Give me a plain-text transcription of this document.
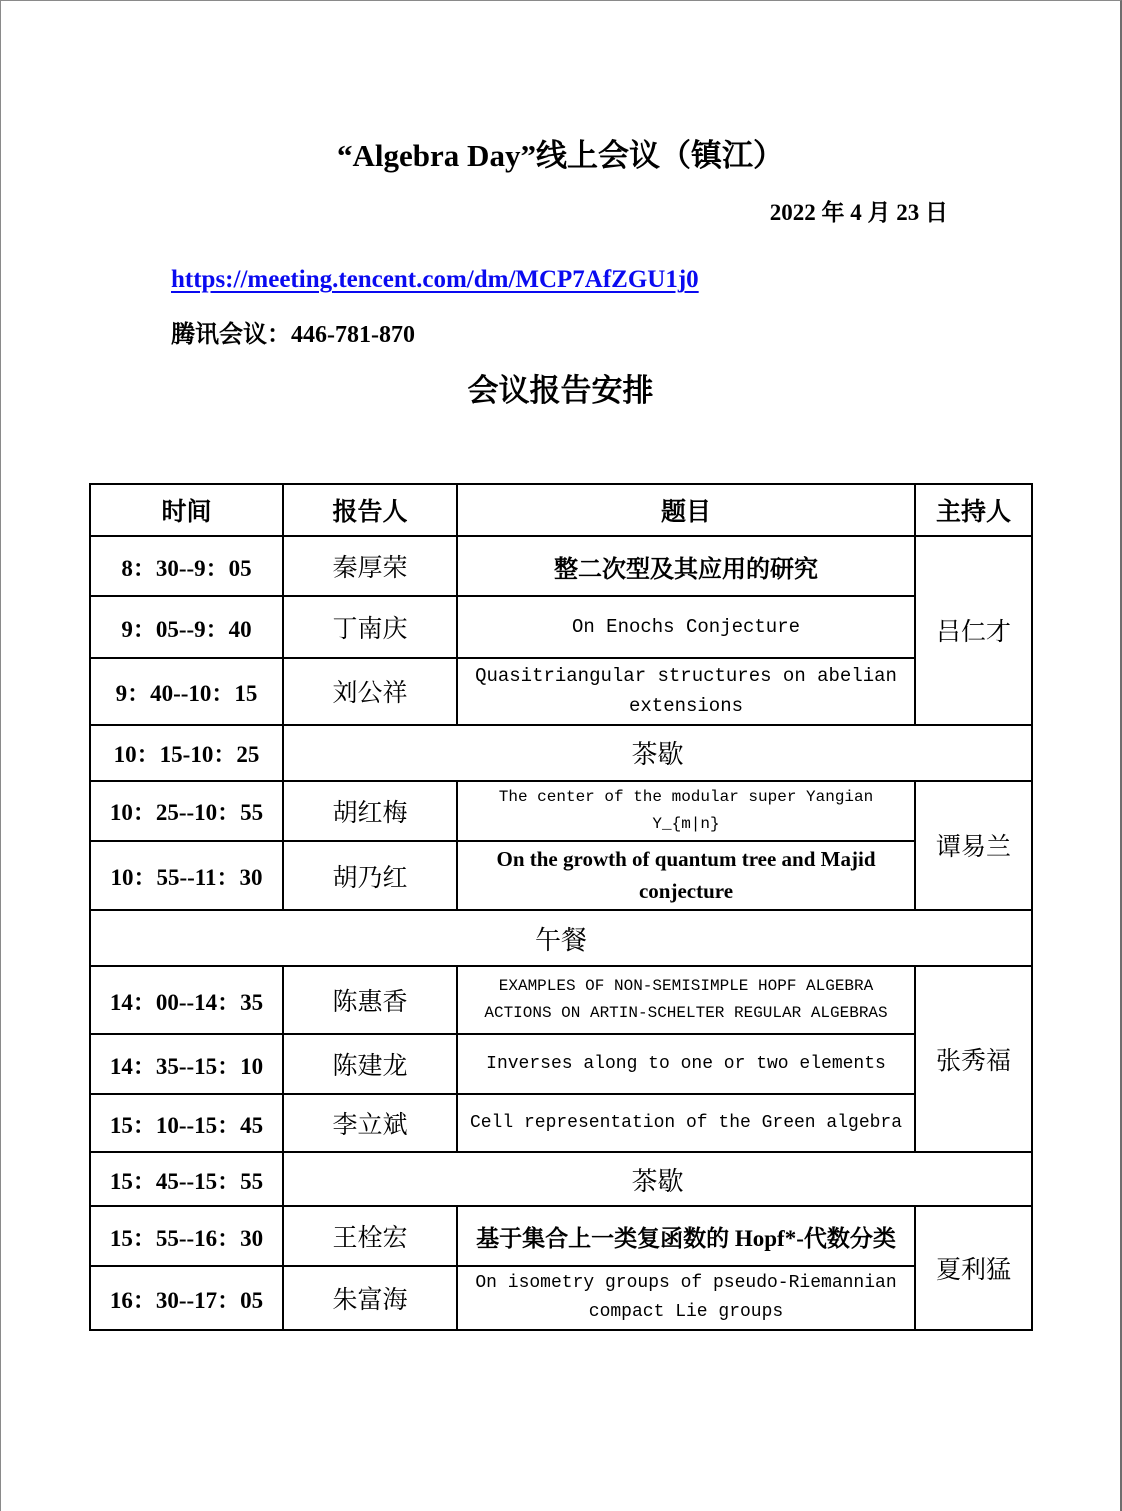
“Algebra Day”线上会议（镇江）
2022 年 4 月 23 日
https://meeting.tencent.com/dm/MCP7AfZGU1j0
腾讯会议：446-781-870
会议报告安排
时间	报告人	题目	主持人
8：30--9：05	秦厚荣	整二次型及其应用的研究	吕仁才
9：05--9：40	丁南庆	On Enochs Conjecture	
9：40--10：15	刘公祥	Quasitriangular structures on abelian extensions	
10：15-10：25	茶歇		
10：25--10：55	胡红梅	The center of the modular super Yangian Y_{m|n}	谭易兰
10：55--11：30	胡乃红	On the growth of quantum tree and Majid conjecture	
午餐			
14：00--14：35	陈惠香	EXAMPLES OF NON-SEMISIMPLE HOPF ALGEBRA ACTIONS ON ARTIN-SCHELTER REGULAR ALGEBRAS	张秀福
14：35--15：10	陈建龙	Inverses along to one or two elements	
15：10--15：45	李立斌	Cell representation of the Green algebra	
15：45--15：55	茶歇		
15：55--16：30	王栓宏	基于集合上一类复函数的 Hopf*-代数分类	夏利猛
16：30--17：05	朱富海	On isometry groups of pseudo-Riemannian compact Lie groups	
